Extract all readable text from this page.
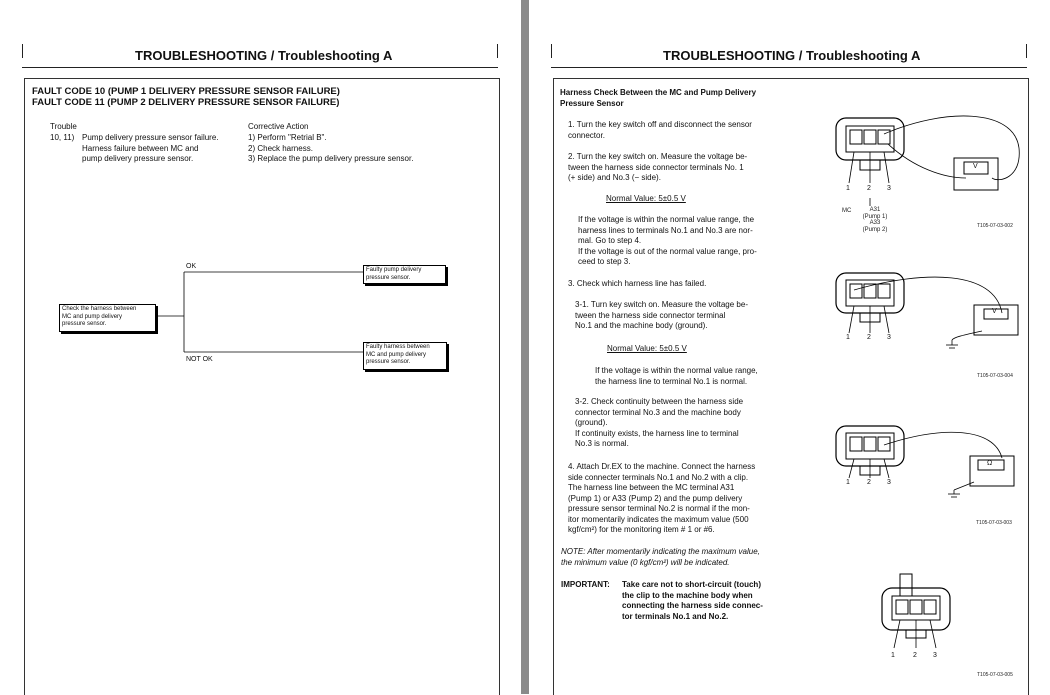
TROUBLESHOOTING / Troubleshooting A
FAULT CODE 10 (PUMP 1 DELIVERY PRESSURE SENSOR FAILURE)
FAULT CODE 11 (PUMP 2 DELIVERY PRESSURE SENSOR FAILURE)
Trouble
10, 11) Pump delivery pressure sensor failure.
Harness failure between MC and
pump delivery pressure sensor.
Corrective Action
1) Perform "Retrial B".
2) Check harness.
3) Replace the pump delivery pressure sensor.
Check the harness between
MC and pump delivery
pressure sensor.
OK
NOT OK
Faulty pump delivery
pressure sensor.
Faulty harness between
MC and pump delivery
pressure sensor.
TROUBLESHOOTING / Troubleshooting A
Harness Check Between the MC and Pump Delivery
Pressure Sensor
1. Turn the key switch off and disconnect the sensor
connector.
2. Turn the key switch on. Measure the voltage be-
tween the harness side connector terminals No. 1
(+ side) and No.3 (− side).
Normal Value: 5±0.5 V
If the voltage is within the normal value range, the
harness lines to terminals No.1 and No.3 are nor-
mal. Go to step 4.
If the voltage is out of the normal value range, pro-
ceed to step 3.
3. Check which harness line has failed.
3-1. Turn key switch on. Measure the voltage be-
tween the harness side connector terminal
No.1 and the machine body (ground).
Normal Value: 5±0.5 V
If the voltage is within the normal value range,
the harness line to terminal No.1 is normal.
3-2. Check continuity between the harness side
connector terminal No.3 and the machine body
(ground).
If continuity exists, the harness line to terminal
No.3 is normal.
4. Attach Dr.EX to the machine. Connect the harness
side connecter terminals No.1 and No.2 with a clip.
The harness line between the MC terminal A31
(Pump 1) or A33 (Pump 2) and the pump delivery
pressure sensor terminal No.2 is normal if the mon-
itor momentarily indicates the maximum value (500
kgf/cm²) for the monitoring item # 1 or #6.
NOTE: After momentarily indicating the maximum value,
the minimum value (0 kgf/cm²) will be indicated.
IMPORTANT: Take care not to short-circuit (touch)
the clip to the machine body when
connecting the harness side connec-
tor terminals No.1 and No.2.
V
1 2 3
MC	A31
(Pump 1)
A33
(Pump 2)
T105-07-03-002
V
1 2 3
T105-07-03-004
Ω
1 2 3
T105-07-03-003
1	2 3
T105-07-03-005
